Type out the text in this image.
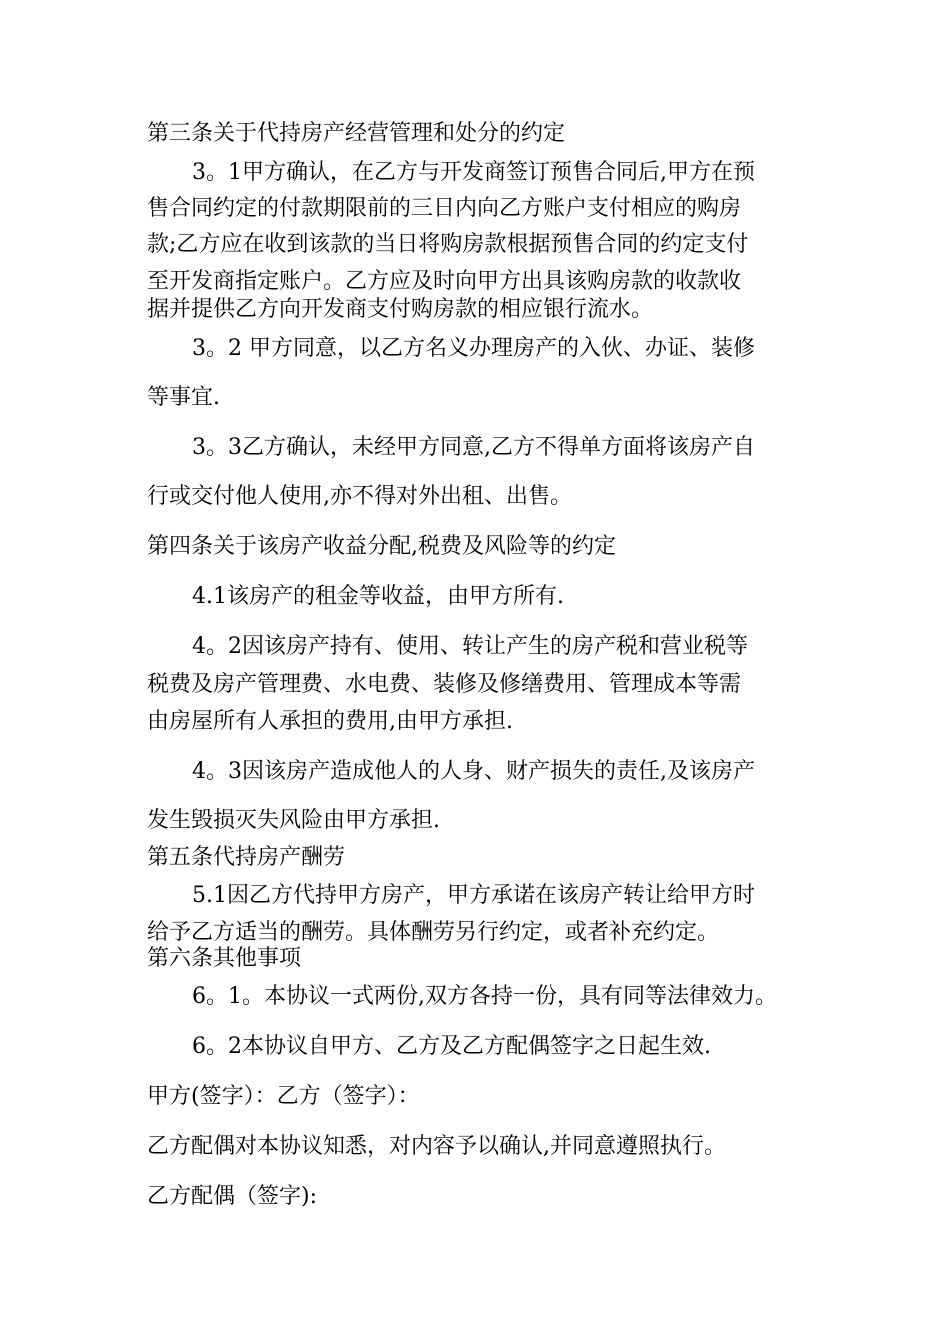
第三条关于代持房产经营管理和处分的约定
3。1甲方确认，在乙方与开发商签订预售合同后,甲方在预
售合同约定的付款期限前的三日内向乙方账户支付相应的购房
款;乙方应在收到该款的当日将购房款根据预售合同的约定支付
至开发商指定账户。乙方应及时向甲方出具该购房款的收款收
据并提供乙方向开发商支付购房款的相应银行流水。
3。2 甲方同意，以乙方名义办理房产的入伙、办证、装修
等事宜.
3。3乙方确认，未经甲方同意,乙方不得单方面将该房产自
行或交付他人使用,亦不得对外出租、出售。
第四条关于该房产收益分配,税费及风险等的约定
4.1该房产的租金等收益，由甲方所有.
4。2因该房产持有、使用、转让产生的房产税和营业税等
税费及房产管理费、水电费、装修及修缮费用、管理成本等需
由房屋所有人承担的费用,由甲方承担.
4。3因该房产造成他人的人身、财产损失的责任,及该房产
发生毁损灭失风险由甲方承担.
第五条代持房产酬劳
5.1因乙方代持甲方房产，甲方承诺在该房产转让给甲方时
给予乙方适当的酬劳。具体酬劳另行约定，或者补充约定。
第六条其他事项
6。1。本协议一式两份,双方各持一份，具有同等法律效力。
6。2本协议自甲方、乙方及乙方配偶签字之日起生效.
甲方(签字）：乙方（签字）：
乙方配偶对本协议知悉，对内容予以确认,并同意遵照执行。
乙方配偶（签字):
